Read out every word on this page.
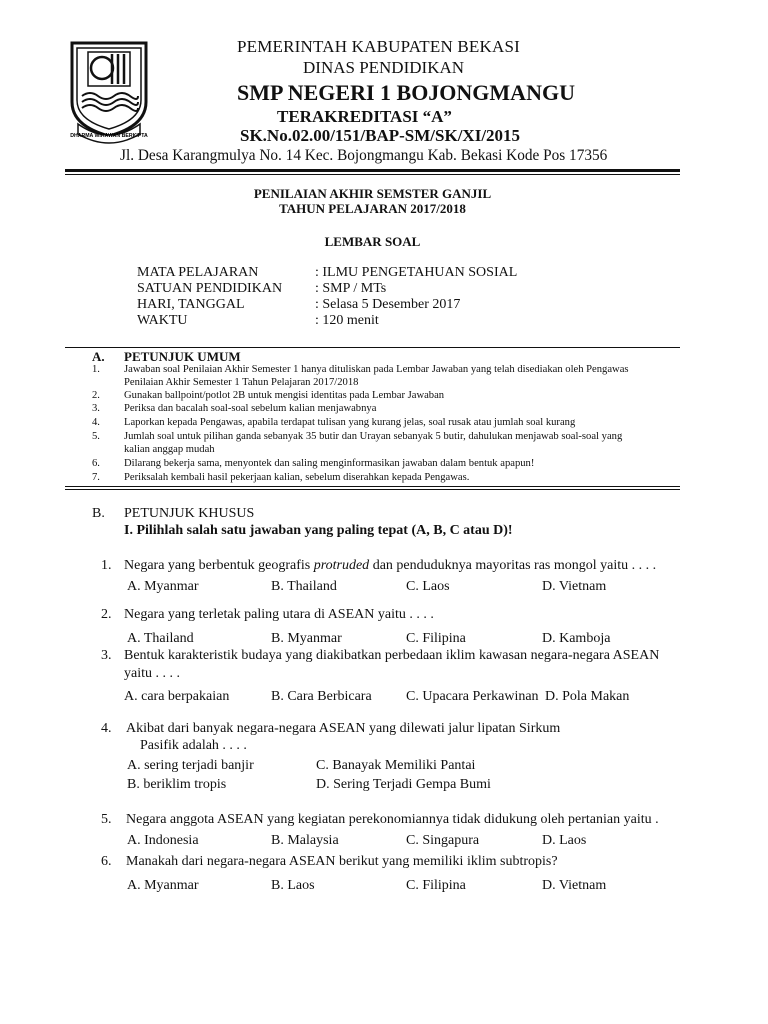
DHARMA WIRAWAN BERKIPTA
PEMERINTAH KABUPATEN BEKASI
DINAS PENDIDIKAN
SMP NEGERI 1 BOJONGMANGU
TERAKREDITASI “A”
SK.No.02.00/151/BAP-SM/SK/XI/2015
Jl. Desa Karangmulya No. 14 Kec. Bojongmangu Kab. Bekasi Kode Pos 17356
PENILAIAN AKHIR SEMSTER GANJIL
TAHUN PELAJARAN 2017/2018
LEMBAR SOAL
MATA PELAJARAN	: ILMU PENGETAHUAN SOSIAL
SATUAN PENDIDIKAN : SMP / MTs
HARI, TANGGAL	: Selasa 5 Desember 2017
WAKTU	: 120 menit
A. PETUNJUK UMUM
1. Jawaban soal Penilaian Akhir Semester 1 hanya dituliskan pada Lembar Jawaban yang telah disediakan oleh Pengawas
Penilaian Akhir Semester 1 Tahun Pelajaran 2017/2018
2. Gunakan ballpoint/potlot 2B untuk mengisi identitas pada Lembar Jawaban
3. Periksa dan bacalah soal-soal sebelum kalian menjawabnya
4. Laporkan kepada Pengawas, apabila terdapat tulisan yang kurang jelas, soal rusak atau jumlah soal kurang
5. Jumlah soal untuk pilihan ganda sebanyak 35 butir dan Urayan sebanyak 5 butir, dahulukan menjawab soal-soal yang
kalian anggap mudah
6. Dilarang bekerja sama, menyontek dan saling menginformasikan jawaban dalam bentuk apapun!
7. Periksalah kembali hasil pekerjaan kalian, sebelum diserahkan kepada Pengawas.
B. PETUNJUK KHUSUS
I. Pilihlah salah satu jawaban yang paling tepat (A, B, C atau D)!
1. Negara yang berbentuk geografis protruded dan penduduknya mayoritas ras mongol yaitu . . . .
A. Myanmar	B. Thailand	C. Laos	D. Vietnam
2. Negara yang terletak paling utara di ASEAN yaitu . . . .
A. Thailand	B. Myanmar	C. Filipina	D. Kamboja
3. Bentuk karakteristik budaya yang diakibatkan perbedaan iklim kawasan negara-negara ASEAN
yaitu . . . .
A. cara berpakaian	B. Cara Berbicara C. Upacara Perkawinan D. Pola Makan
4. Akibat dari banyak negara-negara ASEAN yang dilewati jalur lipatan Sirkum
Pasifik adalah . . . .
A. sering terjadi banjir	C. Banayak Memiliki Pantai
B. beriklim tropis	D. Sering Terjadi Gempa Bumi
5. Negara anggota ASEAN yang kegiatan perekonomiannya tidak didukung oleh pertanian yaitu .
A. Indonesia	B. Malaysia	C. Singapura	D. Laos
6. Manakah dari negara-negara ASEAN berikut yang memiliki iklim subtropis?
A. Myanmar	B. Laos	C. Filipina	D. Vietnam
